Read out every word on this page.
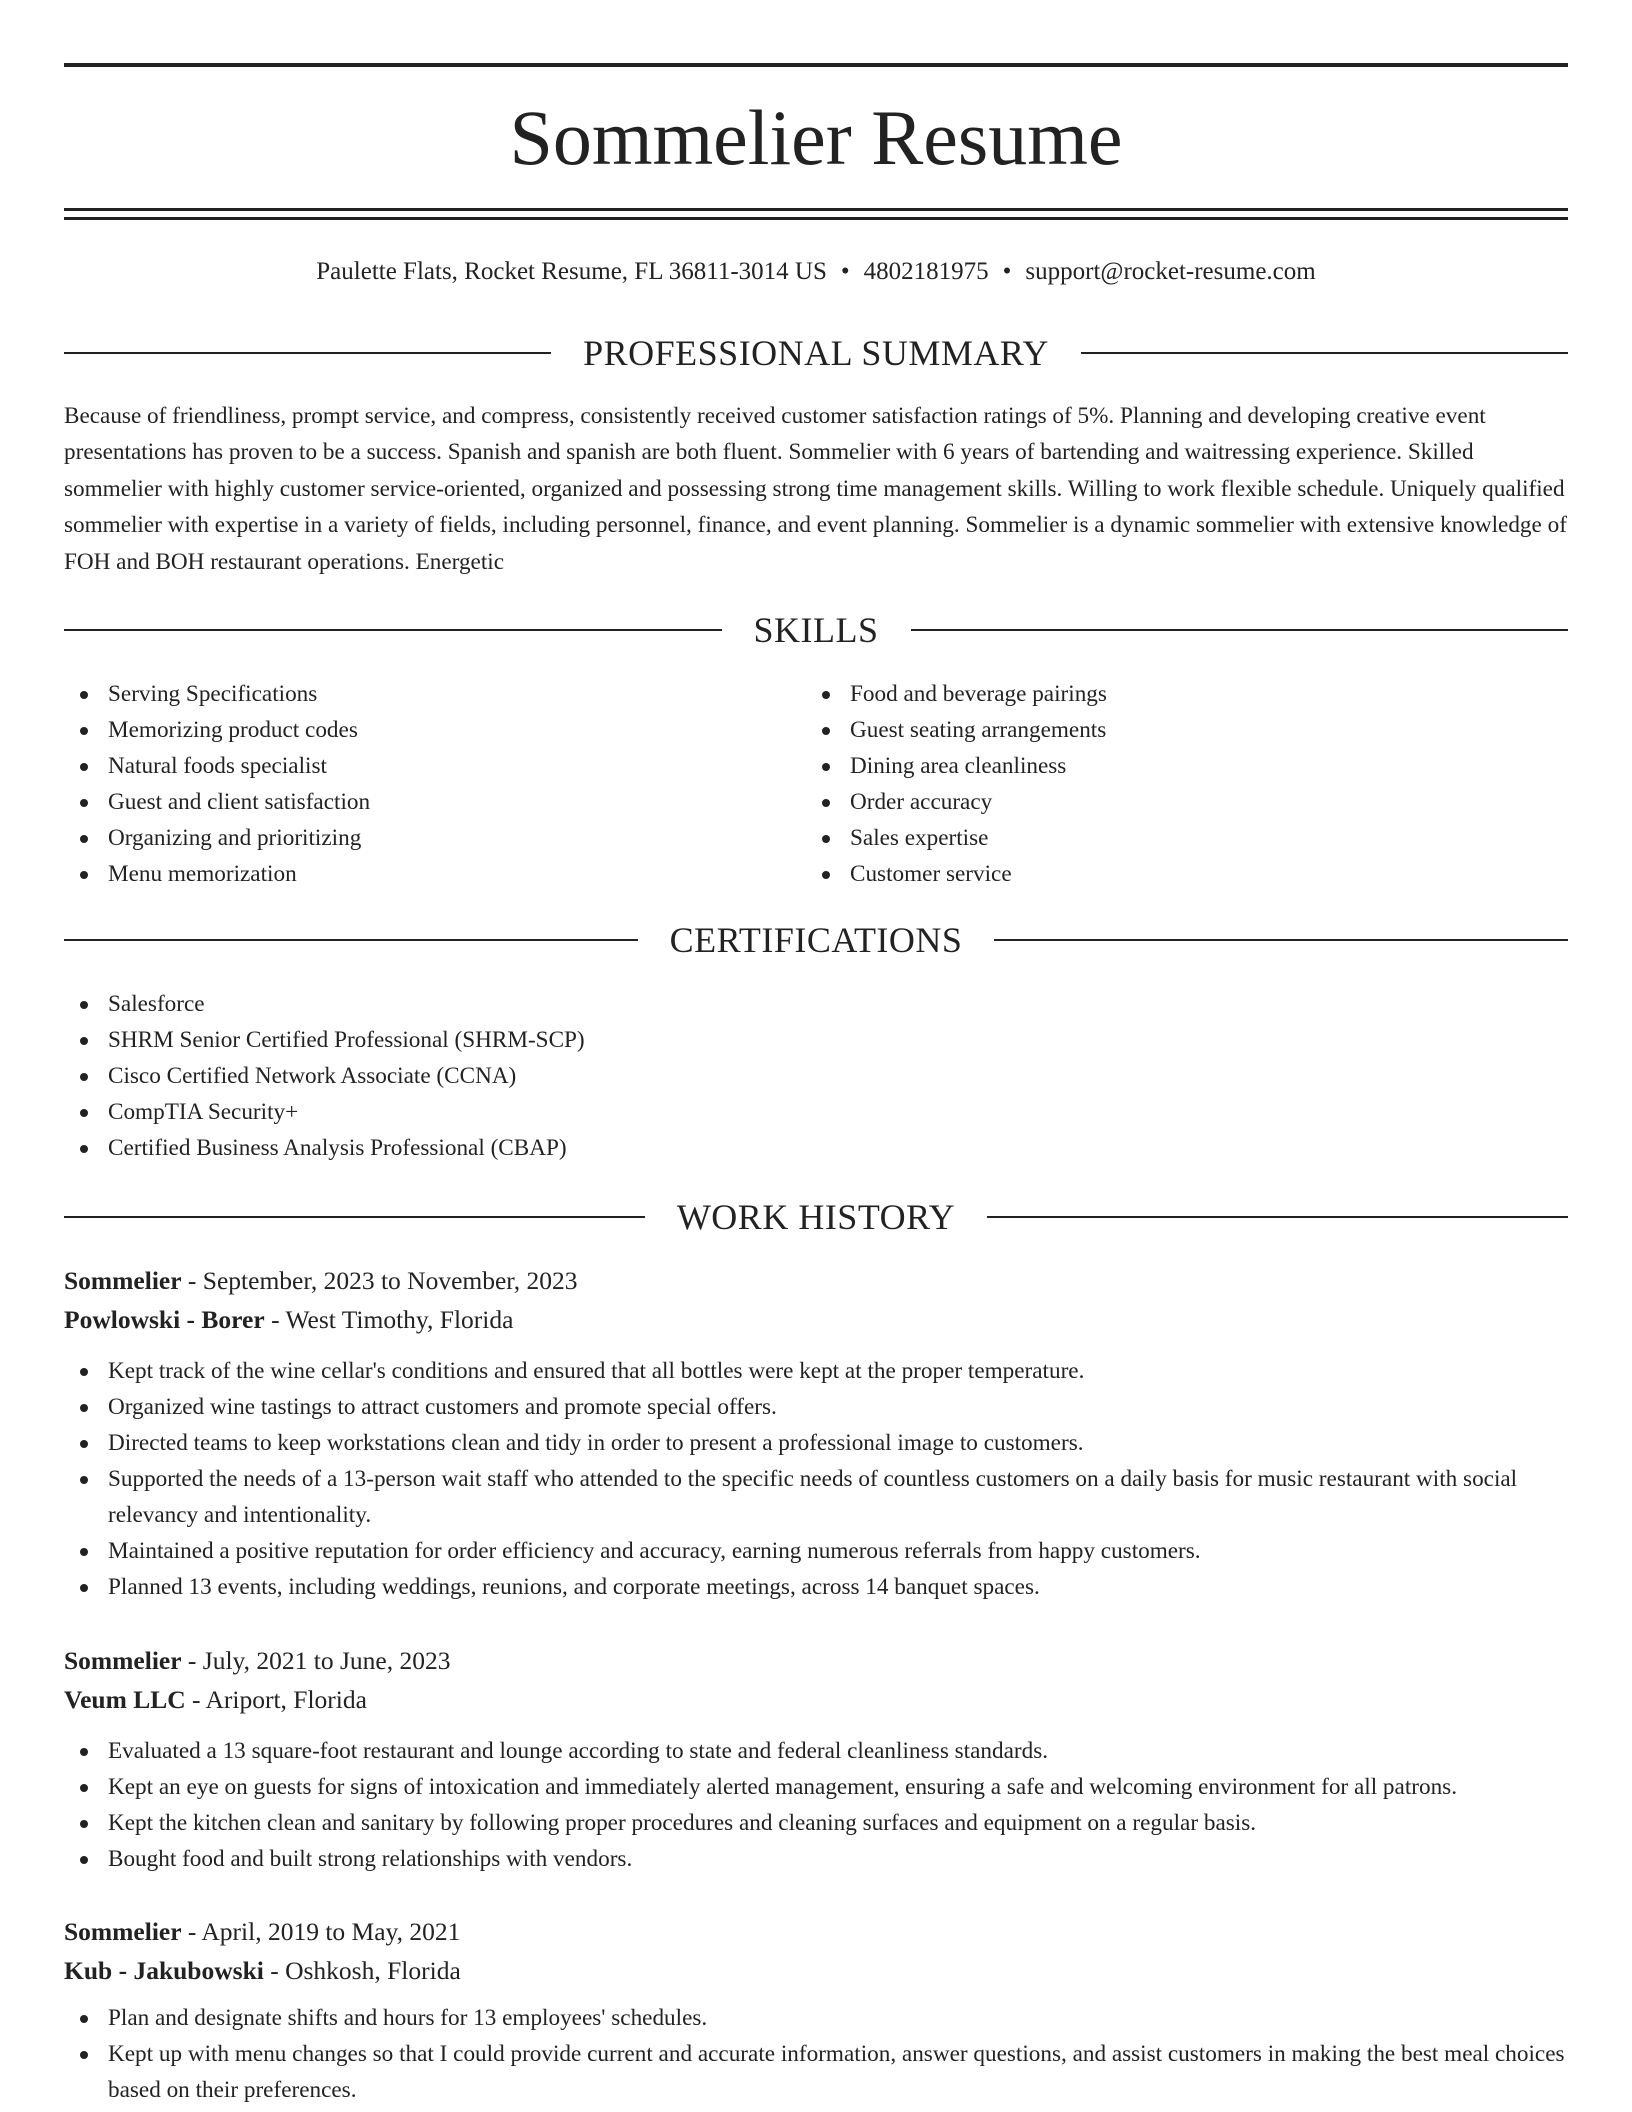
Sommelier Resume
Paulette Flats, Rocket Resume, FL 36811-3014 US • 4802181975 • support@rocket-resume.com
PROFESSIONAL SUMMARY

Because of friendliness, prompt service, and compress, consistently received customer satisfaction ratings of 5%. Planning and developing creative event presentations has proven to be a success. Spanish and spanish are both fluent. Sommelier with 6 years of bartending and waitressing experience. Skilled sommelier with highly customer service-oriented, organized and possessing strong time management skills. Willing to work flexible schedule. Uniquely qualified sommelier with expertise in a variety of fields, including personnel, finance, and event planning. Sommelier is a dynamic sommelier with extensive knowledge of FOH and BOH restaurant operations. Energetic

SKILLS
Serving Specifications
Memorizing product codes
Natural foods specialist
Guest and client satisfaction
Organizing and prioritizing
Menu memorization
Food and beverage pairings
Guest seating arrangements
Dining area cleanliness
Order accuracy
Sales expertise
Customer service
CERTIFICATIONS
Salesforce
SHRM Senior Certified Professional (SHRM-SCP)
Cisco Certified Network Associate (CCNA)
CompTIA Security+
Certified Business Analysis Professional (CBAP)
WORK HISTORY
Sommelier - September, 2023 to November, 2023
Powlowski - Borer - West Timothy, Florida
Kept track of the wine cellar's conditions and ensured that all bottles were kept at the proper temperature.
Organized wine tastings to attract customers and promote special offers.
Directed teams to keep workstations clean and tidy in order to present a professional image to customers.
Supported the needs of a 13-person wait staff who attended to the specific needs of countless customers on a daily basis for music restaurant with social relevancy and intentionality.
Maintained a positive reputation for order efficiency and accuracy, earning numerous referrals from happy customers.
Planned 13 events, including weddings, reunions, and corporate meetings, across 14 banquet spaces.
Sommelier - July, 2021 to June, 2023
Veum LLC - Ariport, Florida
Evaluated a 13 square-foot restaurant and lounge according to state and federal cleanliness standards.
Kept an eye on guests for signs of intoxication and immediately alerted management, ensuring a safe and welcoming environment for all patrons.
Kept the kitchen clean and sanitary by following proper procedures and cleaning surfaces and equipment on a regular basis.
Bought food and built strong relationships with vendors.
Sommelier - April, 2019 to May, 2021
Kub - Jakubowski - Oshkosh, Florida
Plan and designate shifts and hours for 13 employees' schedules.
Kept up with menu changes so that I could provide current and accurate information, answer questions, and assist customers in making the best meal choices based on their preferences.
